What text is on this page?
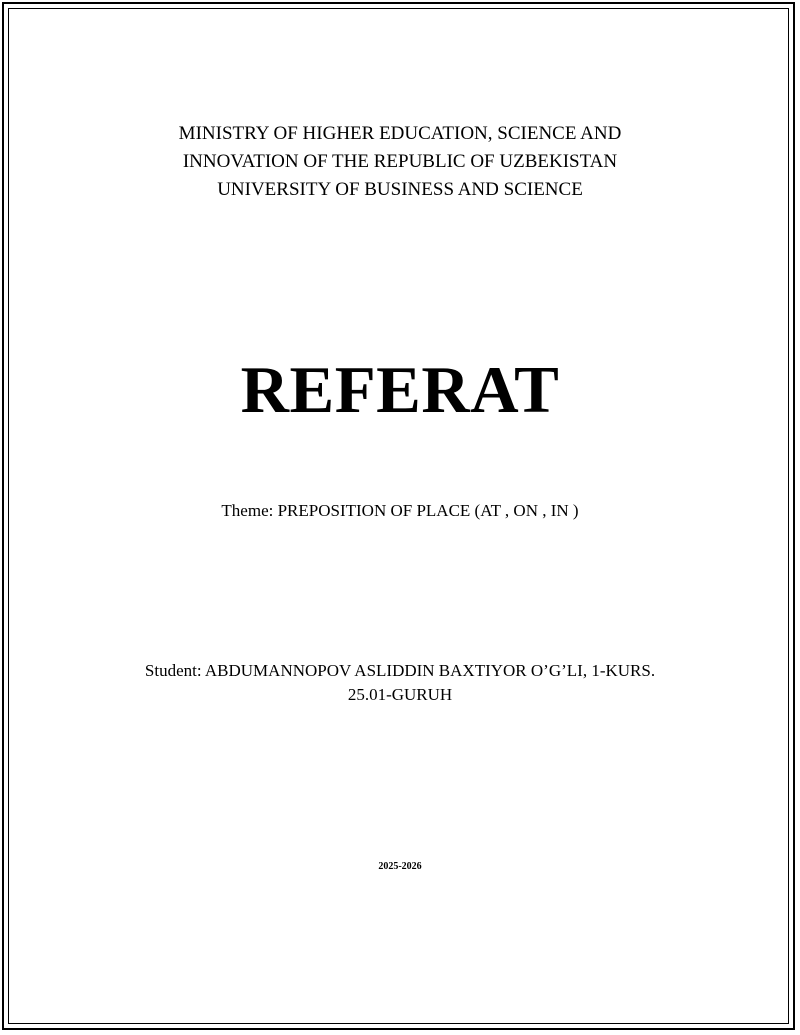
MINISTRY OF HIGHER EDUCATION, SCIENCE AND
INNOVATION OF THE REPUBLIC OF UZBEKISTAN
UNIVERSITY OF BUSINESS AND SCIENCE
REFERAT
Theme: PREPOSITION OF PLACE (AT , ON , IN )
Student: ABDUMANNOPOV ASLIDDIN BAXTIYOR O’G’LI, 1-KURS.
25.01-GURUH
2025-2026
